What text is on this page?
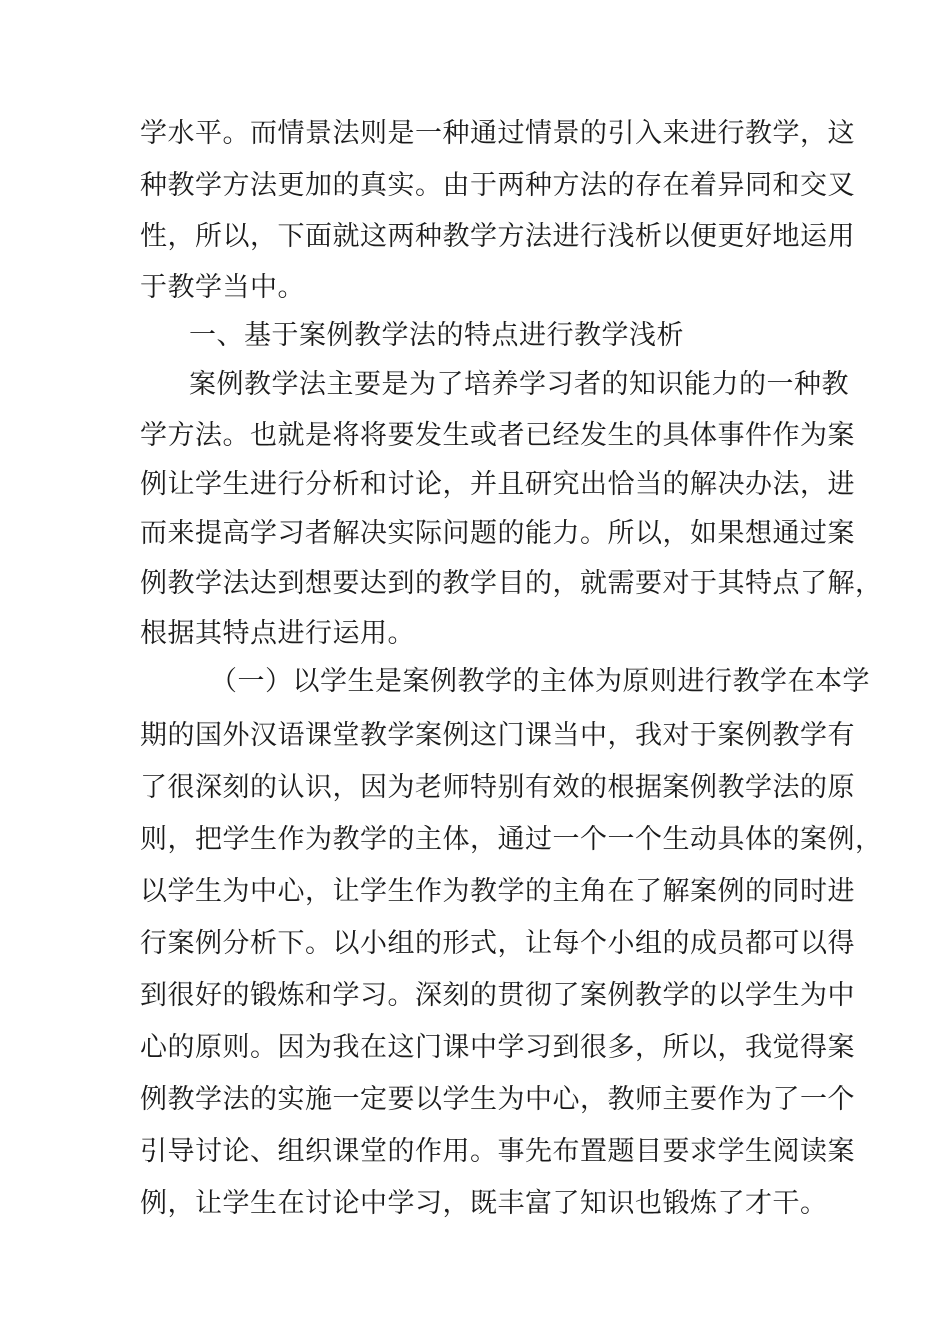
学水平。而情景法则是一种通过情景的引入来进行教学，这
种教学方法更加的真实。由于两种方法的存在着异同和交叉
性，所以，下面就这两种教学方法进行浅析以便更好地运用
于教学当中。
一、基于案例教学法的特点进行教学浅析
案例教学法主要是为了培养学习者的知识能力的一种教
学方法。也就是将将要发生或者已经发生的具体事件作为案
例让学生进行分析和讨论，并且研究出恰当的解决办法，进
而来提高学习者解决实际问题的能力。所以，如果想通过案
例教学法达到想要达到的教学目的，就需要对于其特点了解，
根据其特点进行运用。
（一）以学生是案例教学的主体为原则进行教学在本学
期的国外汉语课堂教学案例这门课当中，我对于案例教学有
了很深刻的认识，因为老师特别有效的根据案例教学法的原
则，把学生作为教学的主体，通过一个一个生动具体的案例，
以学生为中心，让学生作为教学的主角在了解案例的同时进
行案例分析下。以小组的形式，让每个小组的成员都可以得
到很好的锻炼和学习。深刻的贯彻了案例教学的以学生为中
心的原则。因为我在这门课中学习到很多，所以，我觉得案
例教学法的实施一定要以学生为中心，教师主要作为了一个
引导讨论、组织课堂的作用。事先布置题目要求学生阅读案
例，让学生在讨论中学习，既丰富了知识也锻炼了才干。
